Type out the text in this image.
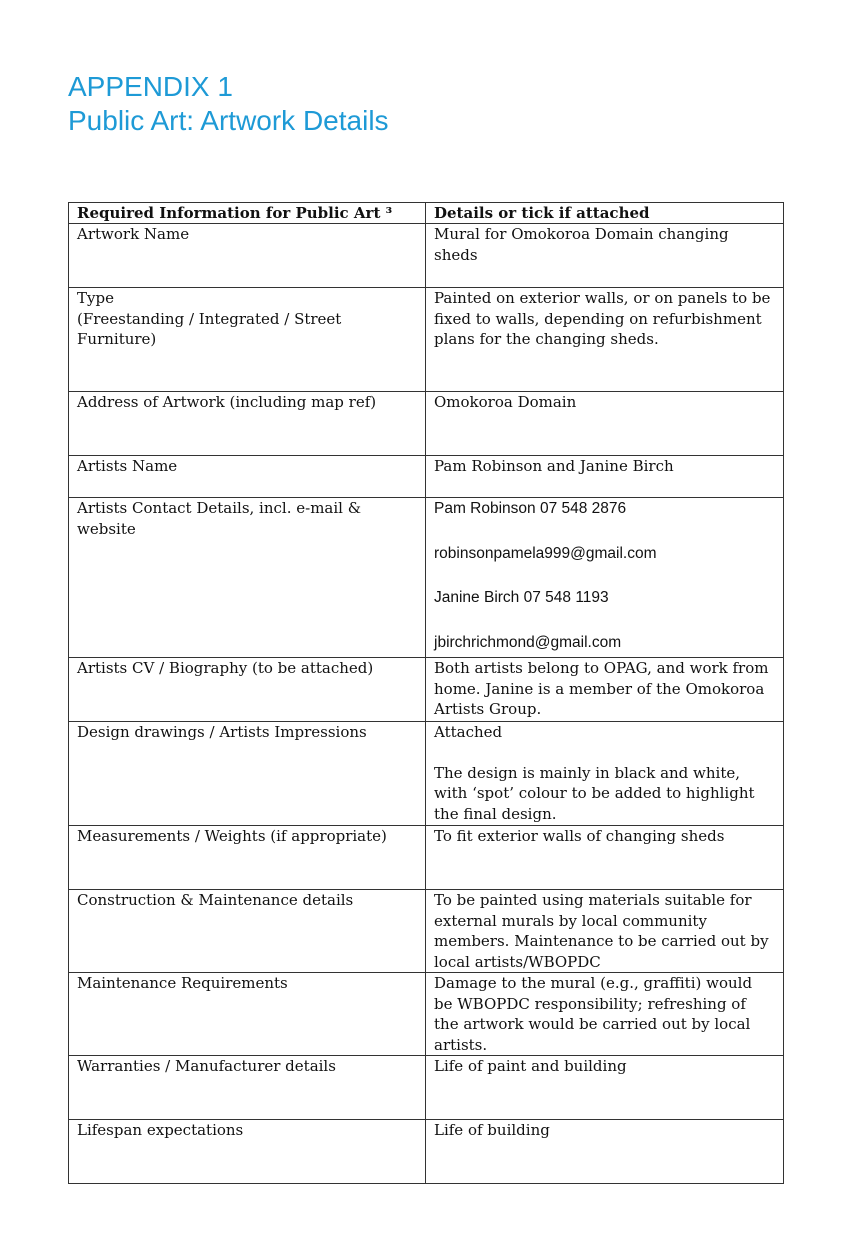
APPENDIX 1
Public Art: Artwork Details
Required Information for Public Art ³	Details or tick if attached
Artwork Name	Mural for Omokoroa Domain changing sheds

Type
(Freestanding / Integrated / Street Furniture)	Painted on exterior walls, or on panels to be fixed to walls, depending on refurbishment plans for the changing sheds.
Address of Artwork (including map ref)	Omokoroa Domain
Artists Name	Pam Robinson and Janine Birch
Artists Contact Details, incl. e-mail & website	Pam Robinson 07 548 2876
robinsonpamela999@gmail.com
Janine Birch 07 548 1193
jbirchrichmond@gmail.com

Artists CV / Biography (to be attached)	Both artists belong to OPAG, and work from home. Janine is a member of the Omokoroa Artists Group.
Design drawings / Artists Impressions	Attached
The design is mainly in black and white, with ‘spot’ colour to be added to highlight the final design.

Measurements / Weights (if appropriate)	To fit exterior walls of changing sheds
Construction & Maintenance details	To be painted using materials suitable for external murals by local community members. Maintenance to be carried out by local artists/WBOPDC
Maintenance Requirements	Damage to the mural (e.g., graffiti) would be WBOPDC responsibility; refreshing of the artwork would be carried out by local artists.
Warranties / Manufacturer details	Life of paint and building
Lifespan expectations	Life of building
